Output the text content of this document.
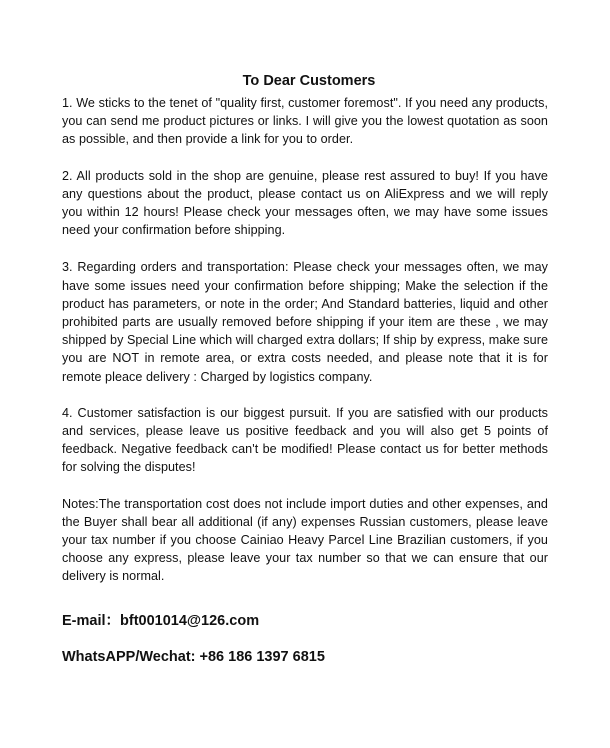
To Dear Customers

1. We sticks to the tenet of "quality first, customer foremost". If you need any products, you can send me product pictures or links. I will give you the lowest quotation as soon as possible, and then provide a link for you to order.

2. All products sold in the shop are genuine, please rest assured to buy! If you have any questions about the product, please contact us on AliExpress and we will reply you within 12 hours! Please check your messages often, we may have some issues need your confirmation before shipping.

3. Regarding orders and transportation: Please check your messages often, we may have some issues need your confirmation before shipping; Make the selection if the product has parameters, or note in the order; And Standard batteries, liquid and other prohibited parts are usually removed before shipping if your item are these , we may shipped by Special Line which will charged extra dollars; If ship by express, make sure you are NOT in remote area, or extra costs needed, and please note that it is for remote pleace delivery : Charged by logistics company.

4. Customer satisfaction is our biggest pursuit. If you are satisfied with our products and services, please leave us positive feedback and you will also get 5 points of feedback. Negative feedback can't be modified! Please contact us for better methods for solving the disputes!

Notes:The transportation cost does not include import duties and other expenses, and the Buyer shall bear all additional (if any) expenses Russian customers, please leave your tax number if you choose Cainiao Heavy Parcel Line Brazilian customers, if you choose any express, please leave your tax number so that we can ensure that our delivery is normal.

E-mail：bft001014@126.com
WhatsAPP/Wechat: +86 186 1397 6815
